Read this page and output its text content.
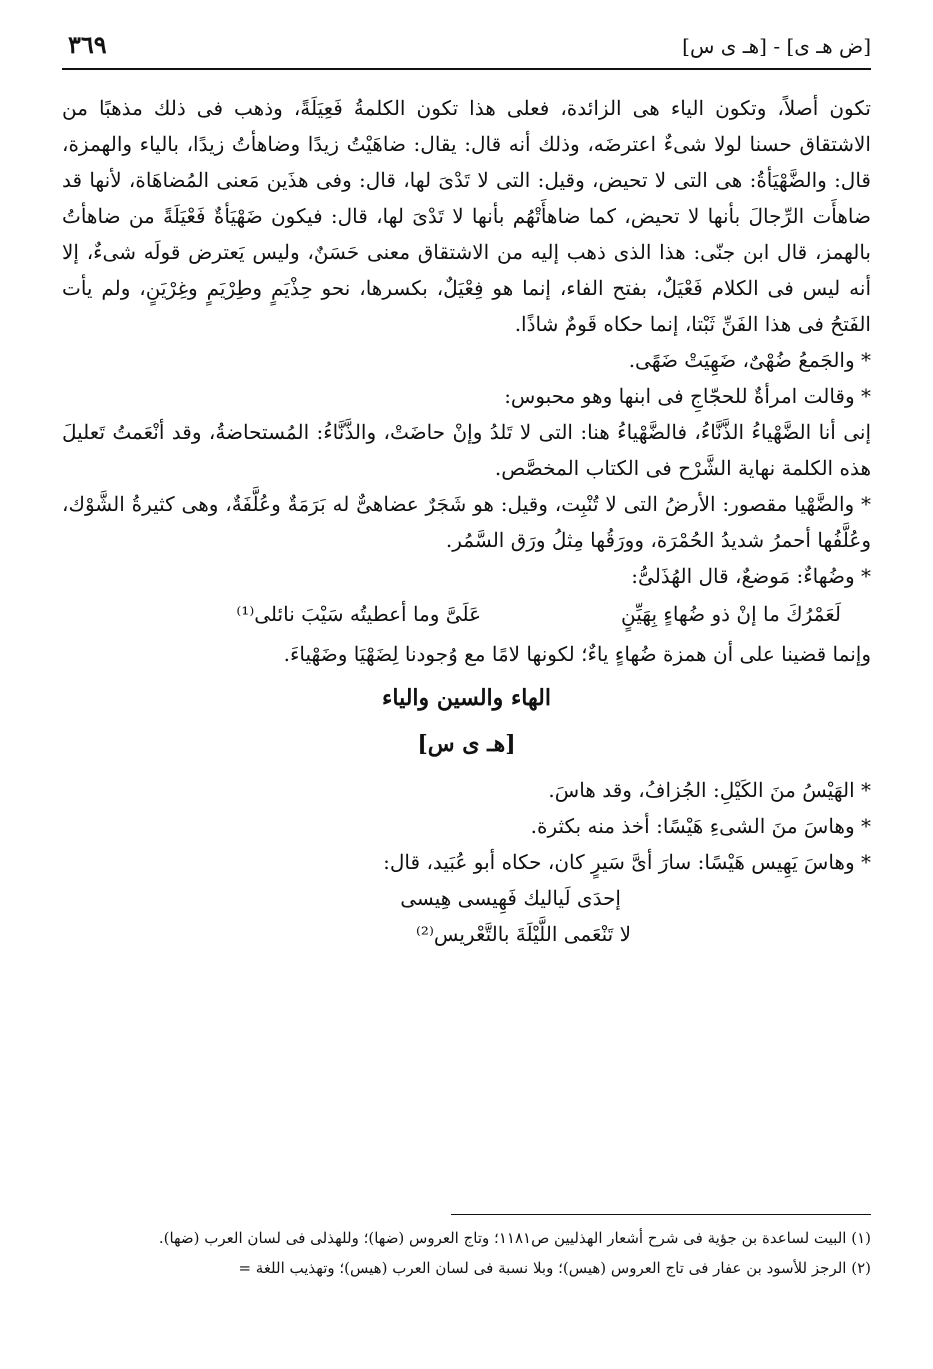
[ض هـ ى] - [هـ ى س]
٣٦٩

تكون أصلاً، وتكون الياء هى الزائدة، فعلى هذا تكون الكلمةُ فَعِيَلَةً، وذهب فى ذلك مذهبًا من الاشتقاق حسنا لولا شىءٌ اعترضَه، وذلك أنه قال: يقال: ضاهَيْتُ زيدًا وضاهأتُ زيدًا، بالياء والهمزة، قال: والضَّهْيَأةُ: هى التى لا تحيض، وقيل: التى لا تَدْىَ لها، قال: وفى هذَين مَعنى المُضاهَاة، لأنها قد ضاهأَت الرِّجالَ بأنها لا تحيض، كما ضاهأَتْهُم بأنها لا تَدْىَ لها، قال: فيكون ضَهْيَأةٌ فَعْيَلَةً من ضاهأتُ بالهمز، قال ابن جنّى: هذا الذى ذهب إليه من الاشتقاق معنى حَسَنٌ، وليس يَعترض قولَه شىءٌ، إلا أنه ليس فى الكلام فَعْيَلٌ، بفتح الفاء، إنما هو فِعْيَلٌ، بكسرها، نحو حِذْيَمٍ وطِرْيَمٍ وغِرْيَنٍ، ولم يأت الفَتحُ فى هذا الفَنِّ ثَبْتا، إنما حكاه قَومٌ شاذًا.

* والجَمعُ ضُهْىٌ، ضَهِيَتْ ضَهًى.

* وقالت امرأةٌ للحجّاجِ فى ابنها وهو محبوس:

إنى أنا الضَّهْياءُ الذَّنَّاءُ، فالضَّهْياءُ هنا: التى لا تَلدُ وإنْ حاضَتْ، والذَّنَّاءُ: المُستحاضةُ، وقد أنْعَمتُ تَعليلَ هذه الكلمة نهاية الشَّرْح فى الكتاب المخصَّص.

* والضَّهْيا مقصور: الأرضُ التى لا تُنْبِت، وقيل: هو شَجَرٌ عضاهىٌّ له بَرَمَةٌ وعُلَّفَةٌ، وهى كثيرةُ الشَّوْك، وعُلَّفُها أحمرُ شديدُ الحُمْرَة، وورَقُها مِثلُ ورَق السَّمُر.

* وضُهاءٌ: مَوضعٌ، قال الهُذَلىُّ:

لَعَمْرُكَ ما إنْ ذو ضُهاءٍ بِهَيِّنٍ
عَلَىَّ وما أعطيتُه سَيْبَ نائلى⁽¹⁾

وإنما قضينا على أن همزة ضُهاءٍ ياءٌ؛ لكونها لامًا مع وُجودنا لِضَهْيَا وضَهْياءَ.

الهاء والسين والياء
[هـ ى س]

* الهَيْسُ منَ الكَيْلِ: الجُزافُ، وقد هاسَ.

* وهاسَ منَ الشىءِ هَيْسًا: أخذ منه بكثرة.

* وهاسَ يَهِيس هَيْسًا: سارَ أىَّ سَيرٍ كان، حكاه أبو عُبَيد، قال:

إحدَى لَياليك فَهِيسى هِيسى

لا تَنْعَمى اللَّيْلَةَ بالتَّعْريس⁽²⁾

(١) البيت لساعدة بن جؤية فى شرح أشعار الهذليين ص١١٨١؛ وتاج العروس (ضها)؛ وللهذلى فى لسان العرب (ضها).

(٢) الرجز للأسود بن عفار فى تاج العروس (هيس)؛ وبلا نسبة فى لسان العرب (هيس)؛ وتهذيب اللغة =
